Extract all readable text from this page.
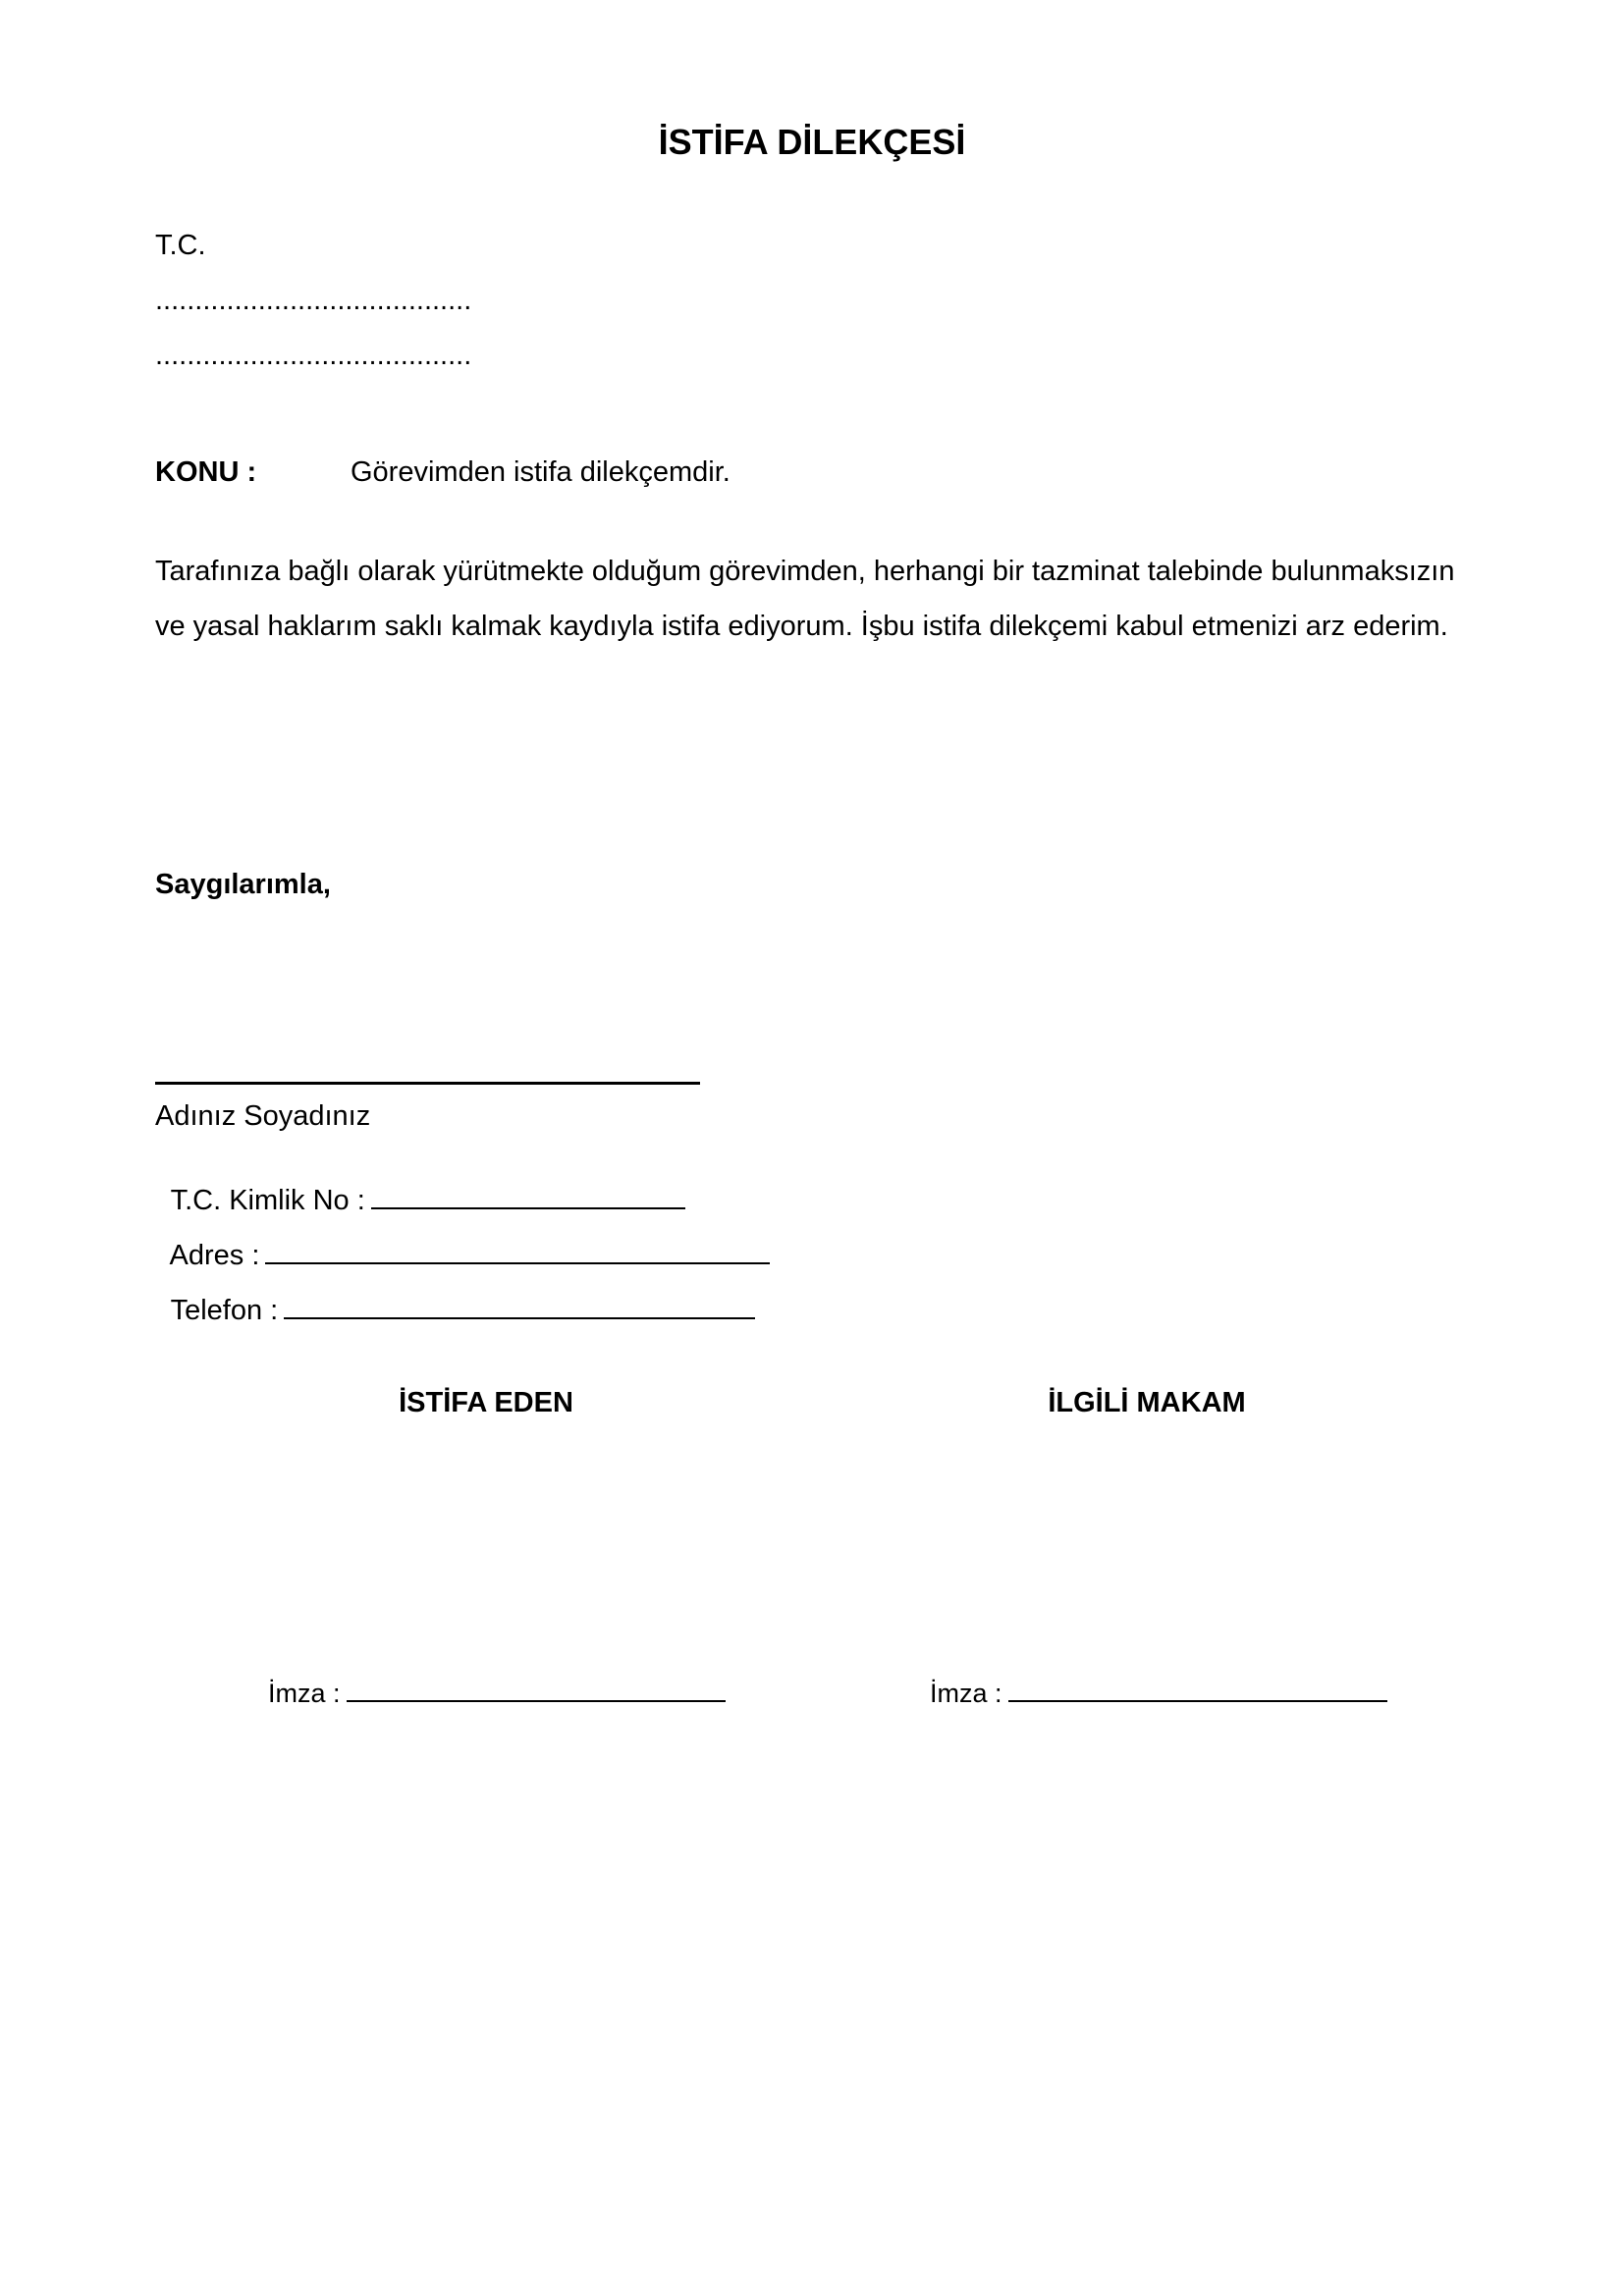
İSTİFA DİLEKÇESİ
T.C.
........................................
........................................
KONU :	Görevimden istifa dilekçemdir.
Tarafınıza bağlı olarak yürütmekte olduğum görevimden, herhangi bir tazminat talebinde bulunmaksızın ve yasal haklarım saklı kalmak kaydıyla istifa ediyorum. İşbu istifa dilekçemi kabul etmenizi arz ederim.
Saygılarımla,
Adınız Soyadınız

T.C. Kimlik No :

Adres :

Telefon :

İSTİFA EDEN	İLGİLİ MAKAM

İmza :	İmza :
